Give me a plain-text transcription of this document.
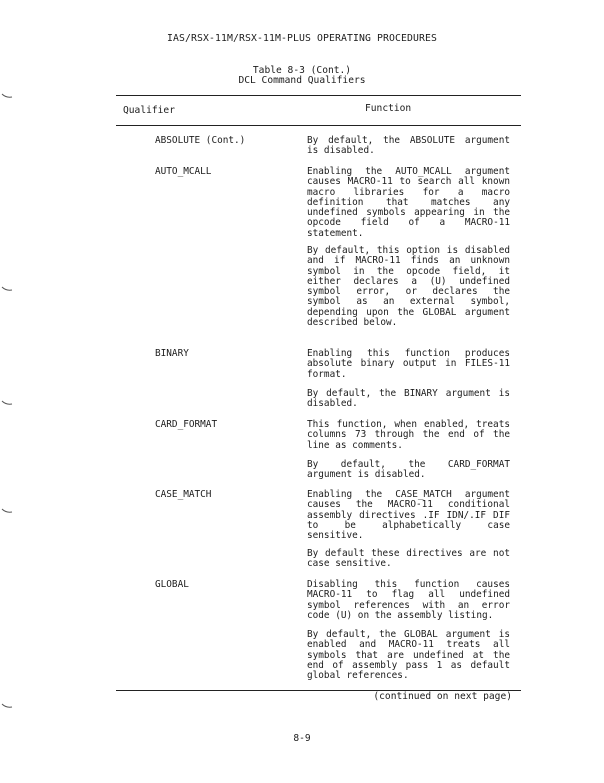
IAS/RSX-11M/RSX-11M-PLUS OPERATING PROCEDURES
Table 8-3 (Cont.)
DCL Command Qualifiers
Qualifier	Function
ABSOLUTE (Cont.)	By default, the ABSOLUTE argument is disabled.

AUTO_MCALL	Enabling the AUTO_MCALL argument causes MACRO-11 to search all known macro libraries for a macro definition that matches any undefined symbols appearing in the opcode field of a MACRO-11 statement.

By default, this option is disabled and if MACRO-11 finds an unknown symbol in the opcode field, it either declares a (U) undefined symbol error, or declares the symbol as an external symbol, depending upon the GLOBAL argument described below.

BINARY	Enabling this function produces absolute binary output in FILES-11 format.

By default, the BINARY argument is disabled.

CARD_FORMAT	This function, when enabled, treats columns 73 through the end of the line as comments.

By default, the CARD_FORMAT argument is disabled.

CASE_MATCH	Enabling the CASE_MATCH argument causes the MACRO-11 conditional assembly directives .IF IDN/.IF DIF to be alphabetically case sensitive.

By default these directives are not case sensitive.

GLOBAL	Disabling this function causes MACRO-11 to flag all undefined symbol references with an error code (U) on the assembly listing.

By default, the GLOBAL argument is enabled and MACRO-11 treats all symbols that are undefined at the end of assembly pass 1 as default global references.

(continued on next page)
8-9
